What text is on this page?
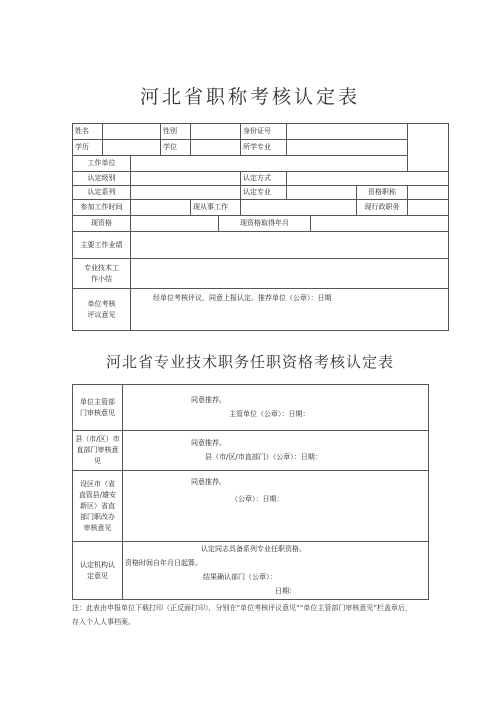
河北省职称考核认定表
姓名			性别			身份证号				
学历			学位			所学专业				
工作单位										
认定级别						认定方式				
认定系列						认定专业			资格职称	
参加工作时间				现从事工作					现行政职务	
现资格					现资格取得年月					
主要工作业绩										
专业技术工作小结										
单位考核评议意见		经单位考核评议，同意上报认定。推荐单位（公章）：日期								
河北省专业技术职务任职资格考核认定表
单位主管部门审核意见	同意推荐。
主管单位（公章）：日期：

县（市/区）市直部门审核意见	同意推荐。
县（市/区/市直部门）（公章）：日期：

设区市（省直管县/雄安新区）省直部门职改办审核意见	同意推荐。
（公章）：日期：

认定机构认定意见	认定同志具备系列专业任职资格。
资格时间自年月日起算。
结果确认部门（公章）：
日期：
注：此表由申报单位下载打印（正反面打印），分别在“单位考核评议意见”“单位主管部门审核意见”栏盖章后，存入个人人事档案。
